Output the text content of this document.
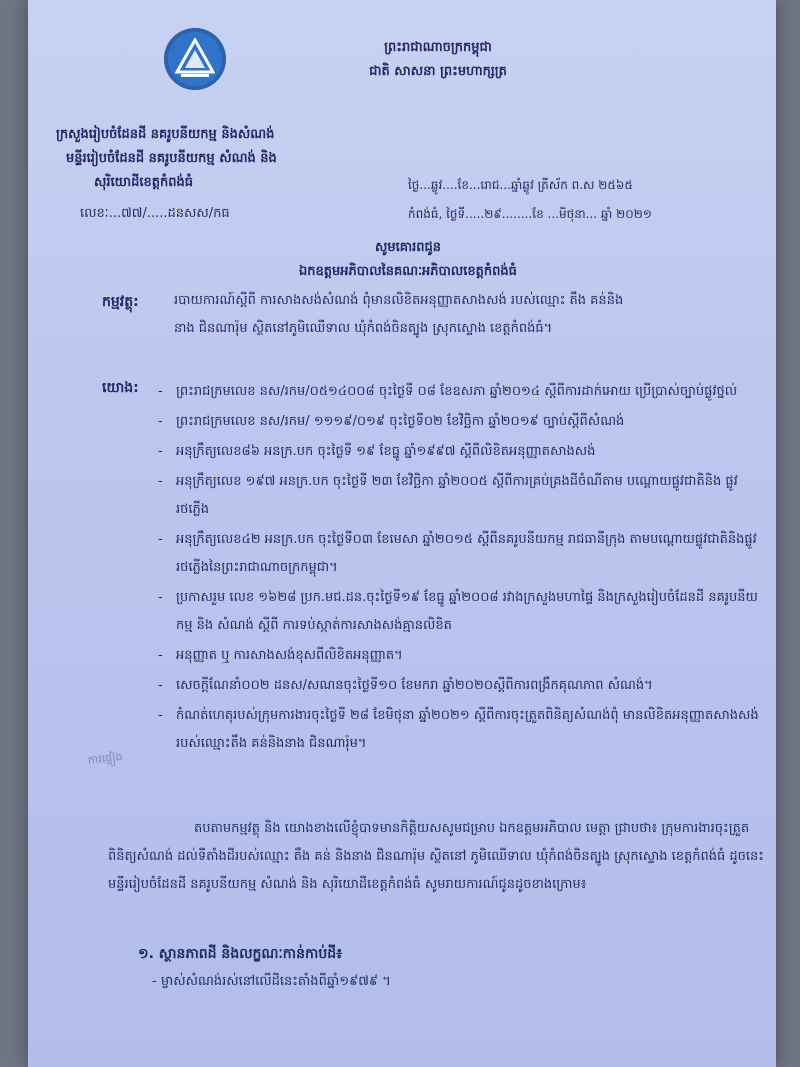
ព្រះរាជាណាចក្រកម្ពុជា
ជាតិ សាសនា ព្រះមហាក្សត្រ
ក្រសួងរៀបចំដែនដី នគរូបនីយកម្ម និងសំណង់
មន្ទីររៀបចំដែនដី នគរូបនីយកម្ម សំណង់ និង
សុរិយោដីខេត្តកំពង់ធំ
លេខៈ...៧៧/.....ដនសស/កធ
ថ្ងៃ...ឆ្លូវ....ខែ...រោជ...ឆ្នាំឆ្លូវ ត្រីស័ក ព.ស ២៥៦៥
កំពង់ធំ, ថ្ងៃទី.....២៩........ខែ ...មិថុនា... ឆ្នាំ ២០២១
សូមគោរពជូន
ឯកឧត្តមអភិបាលនៃគណៈអភិបាលខេត្តកំពង់ធំ
កម្មវត្ថុ:	របាយការណ៍ស្តីពី ការសាងសង់សំណង់ ពុំមានលិខិតអនុញ្ញាតសាងសង់ របស់ឈ្មោះ តឹង គន់និង
នាង ជិនណារ៉ុម ស្ថិតនៅភូមិឈើទាល ឃុំកំពង់ចិនត្បូង ស្រុកស្ទោង ខេត្តកំពង់ធំ។
យោង: - ព្រះរាជក្រមលេខ នស/រកម/០៥១៤០០៨ ចុះថ្ងៃទី ០៨ ខែឧសភា ឆ្នាំ២០១៤ ស្តីពីការដាក់អោយ ប្រើប្រាស់ច្បាប់ផ្លូវថ្នល់
- ព្រះរាជក្រមលេខ នស/រកម/ ១១១៩/០១៩ ចុះថ្ងៃទី០២ ខែវិច្ឆិកា ឆ្នាំ២០១៩ ច្បាប់ស្តីពីសំណង់
- អនុក្រឹត្យលេខ៨៦ អនក្រ.បក ចុះថ្ងៃទី ១៩ ខែធ្នូ ឆ្នាំ១៩៩៧ ស្តីពីលិខិតអនុញ្ញាតសាងសង់
- អនុក្រឹត្យលេខ ១៩៧ អនក្រ.បក ចុះថ្ងៃទី ២៣ ខែវិច្ឆិកា ឆ្នាំ២០០៥ ស្តីពីការគ្រប់គ្រងដីចំណីតាម បណ្តោយផ្លូវជាតិនិង ផ្លូវរថភ្លើង
- អនុក្រឹត្យលេខ៤២ អនក្រ.បក ចុះថ្ងៃទី០៣ ខែមេសា ឆ្នាំ២០១៥ ស្តីពីនគរូបនីយកម្ម រាជធានីក្រុង តាមបណ្តោយផ្លូវជាតិនិងផ្លូវរថភ្លើងនៃព្រះរាជាណាចក្រកម្ពុជា។
- ប្រកាសរួម លេខ ១៦២៨ ប្រក.មជ.ដន.ចុះថ្ងៃទី១៩ ខែធ្នូ ឆ្នាំ២០០៨ រវាងក្រសួងមហាផ្ទៃ និងក្រសួងរៀបចំដែនដី នគរូបនីយកម្ម និង សំណង់ ស្តីពី ការទប់ស្កាត់ការសាងសង់គ្មានលិខិត
- អនុញ្ញាត ឬ ការសាងសង់ខុសពីលិខិតអនុញ្ញាត។
- សេចក្តីណែនាំ០០២ ដនស/សណនចុះថ្ងៃទី១០ ខែមករា ឆ្នាំ២០២០ស្តីពីការពង្រឹកគុណភាព សំណង់។
- កំណត់ហេតុរបស់ក្រុមការងារចុះថ្ងៃទី ២៨ ខែមិថុនា ឆ្នាំ២០២១ ស្តីពីការចុះត្រួតពិនិត្យសំណង់ពុំ មានលិខិតអនុញ្ញាតសាងសង់របស់ឈ្មោះតឹង គន់និងនាង ជិនណារ៉ុម។
ការផ្ទៀង
តបតាមកម្មវត្ថុ និង យោងខាងលើខ្ញុំបាទមានកិត្តិយសសូមជម្រាប ឯកឧត្តមអភិបាល មេត្តា ជ្រាបថា៖ ក្រុមការងារចុះត្រួតពិនិត្យសំណង់ ដល់ទីតាំងដីរបស់ឈ្មោះ តឹង គន់ និងនាង ជិនណារ៉ុម ស្ថិតនៅ ភូមិឈើទាល ឃុំកំពង់ចិនត្បូង ស្រុកស្ទោង ខេត្តកំពង់ធំ ដូចនេះ មន្ទីររៀបចំដែនដី នគរូបនីយកម្ម សំណង់ និង សុរិយោដីខេត្តកំពង់ធំ សូមរាយការណ៍ជូនដូចខាងក្រោម៖
១. ស្ថានភាពដី និងលក្ខណៈកាន់កាប់ដី៖
- ម្ចាស់សំណង់រស់នៅលើដីនេះតាំងពីឆ្នាំ១៩៧៩ ។
